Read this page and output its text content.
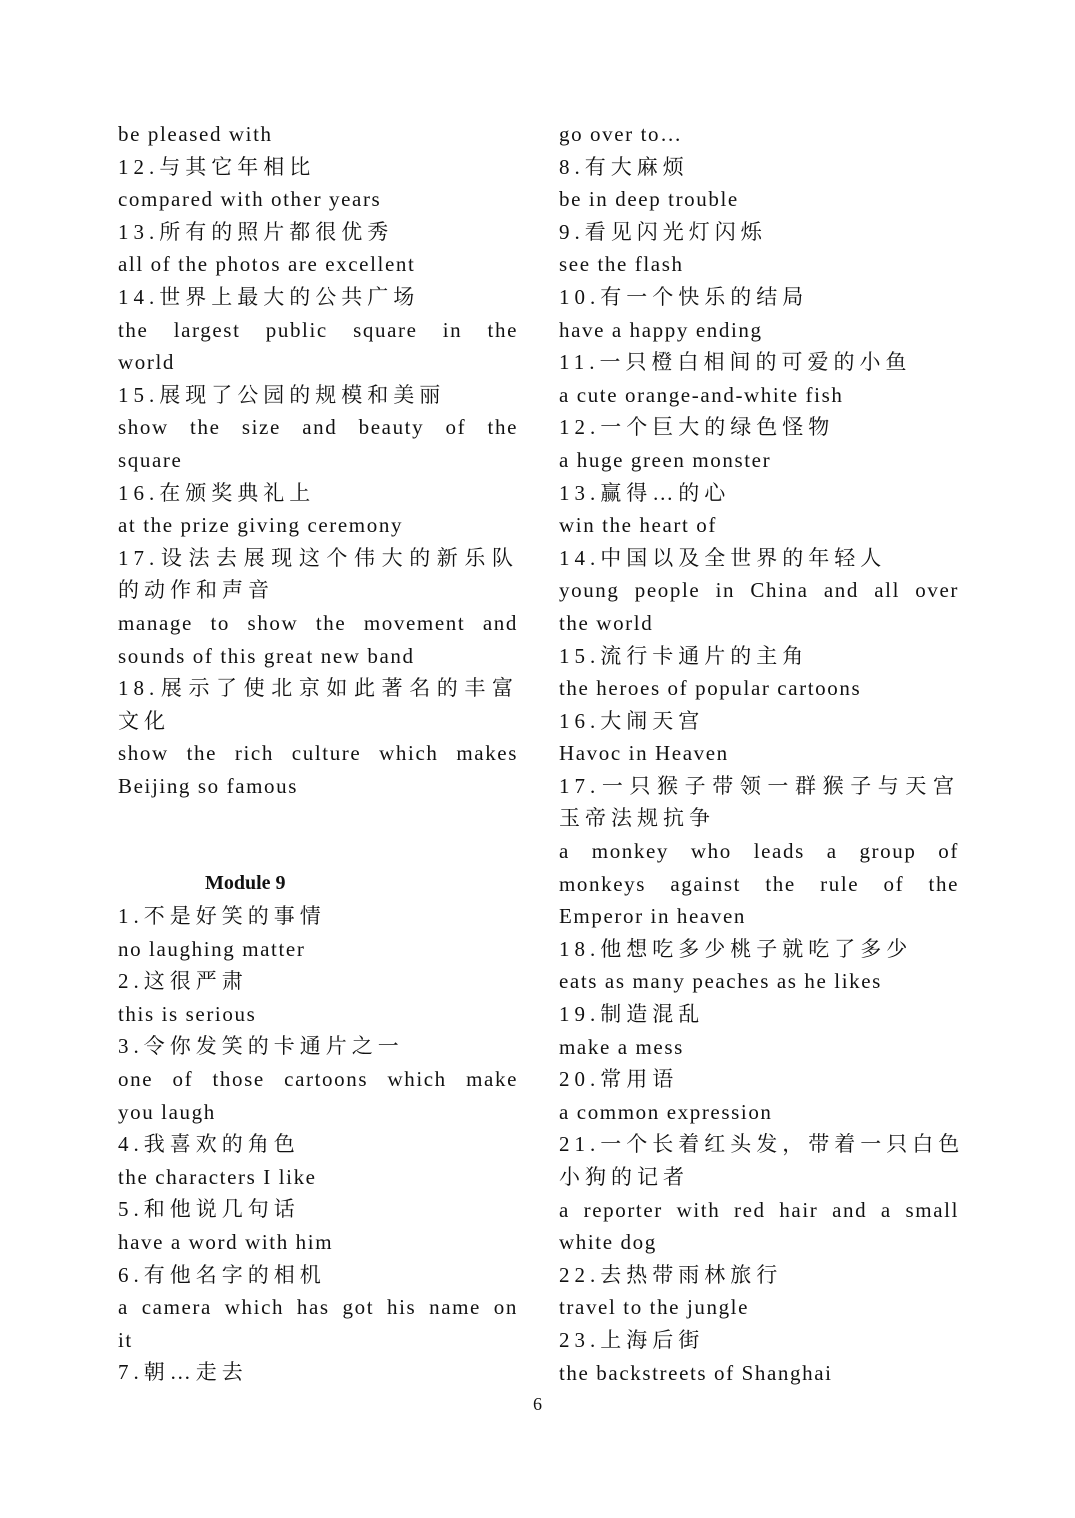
be pleased with
12.与其它年相比
compared with other years
13.所有的照片都很优秀
all of the photos are excellent
14.世界上最大的公共广场
the largest public square in the
world
15.展现了公园的规模和美丽
show the size and beauty of the
square
16.在颁奖典礼上
at the prize giving ceremony
17.设法去展现这个伟大的新乐队
的动作和声音
manage to show the movement and
sounds of this great new band
18.展示了使北京如此著名的丰富
文化
show the rich culture which makes
Beijing so famous
Module 9
1.不是好笑的事情
no laughing matter
2.这很严肃
this is serious
3.令你发笑的卡通片之一
one of those cartoons which make
you laugh
4.我喜欢的角色
the characters I like
5.和他说几句话
have a word with him
6.有他名字的相机
a camera which has got his name on
it
7.朝…走去
go over to…
8.有大麻烦
be in deep trouble
9.看见闪光灯闪烁
see the flash
10.有一个快乐的结局
have a happy ending
11.一只橙白相间的可爱的小鱼
a cute orange-and-white fish
12.一个巨大的绿色怪物
a huge green monster
13.赢得…的心
win the heart of
14.中国以及全世界的年轻人
young people in China and all over
the world
15.流行卡通片的主角
the heroes of popular cartoons
16.大闹天宫
Havoc in Heaven
17.一只猴子带领一群猴子与天宫
玉帝法规抗争
a monkey who leads a group of
monkeys against the rule of the
Emperor in heaven
18.他想吃多少桃子就吃了多少
eats as many peaches as he likes
19.制造混乱
make a mess
20.常用语
a common expression
21.一个长着红头发，带着一只白色
小狗的记者
a reporter with red hair and a small
white dog
22.去热带雨林旅行
travel to the jungle
23.上海后街
the backstreets of Shanghai
6
